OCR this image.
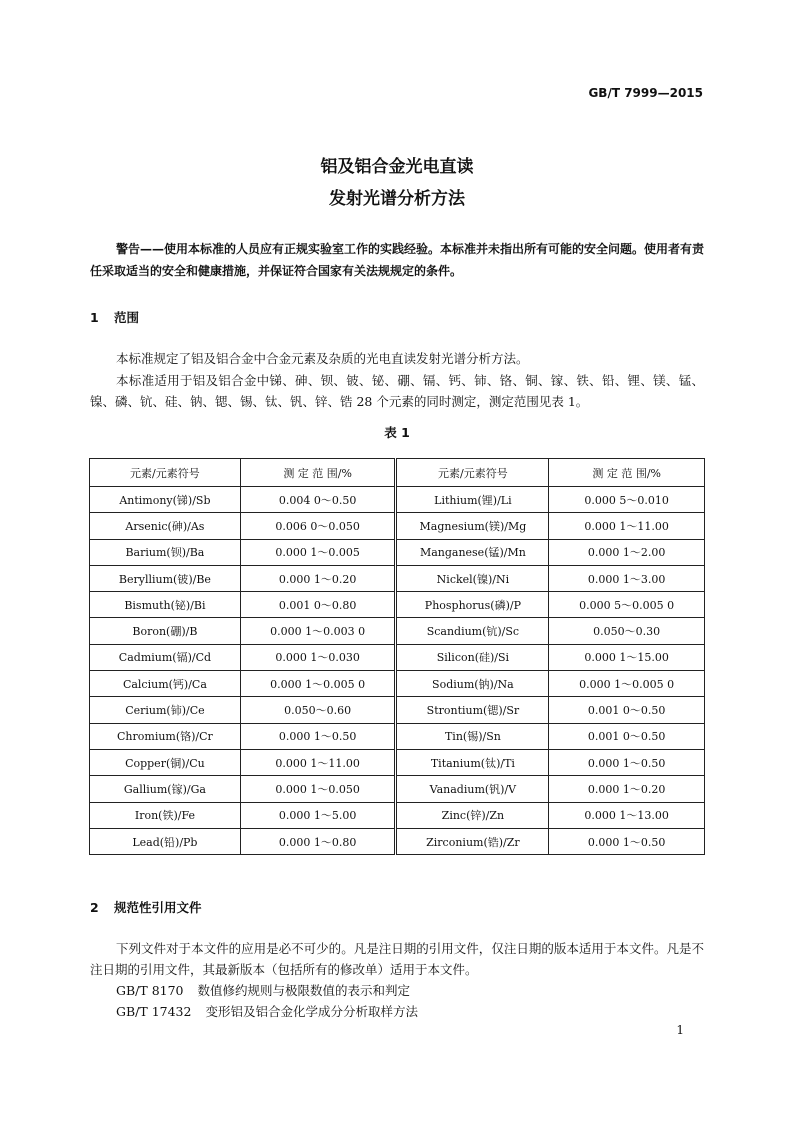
GB/T 7999—2015
铝及铝合金光电直读
发射光谱分析方法
警告——使用本标准的人员应有正规实验室工作的实践经验。本标准并未指出所有可能的安全问题。使用者有责任采取适当的安全和健康措施，并保证符合国家有关法规规定的条件。
1 范围
本标准规定了铝及铝合金中合金元素及杂质的光电直读发射光谱分析方法。
本标准适用于铝及铝合金中锑、砷、钡、铍、铋、硼、镉、钙、铈、铬、铜、镓、铁、铅、锂、镁、锰、镍、磷、钪、硅、钠、锶、锡、钛、钒、锌、锆 28 个元素的同时测定，测定范围见表 1。
表 1
元素/元素符号	测 定 范 围/%	元素/元素符号	测 定 范 围/%
Antimony(锑)/Sb	0.004 0～0.50	Lithium(锂)/Li	0.000 5～0.010
Arsenic(砷)/As	0.006 0～0.050	Magnesium(镁)/Mg	0.000 1～11.00
Barium(钡)/Ba	0.000 1～0.005	Manganese(锰)/Mn	0.000 1～2.00
Beryllium(铍)/Be	0.000 1～0.20	Nickel(镍)/Ni	0.000 1～3.00
Bismuth(铋)/Bi	0.001 0～0.80	Phosphorus(磷)/P	0.000 5～0.005 0
Boron(硼)/B	0.000 1～0.003 0	Scandium(钪)/Sc	0.050～0.30
Cadmium(镉)/Cd	0.000 1～0.030	Silicon(硅)/Si	0.000 1～15.00
Calcium(钙)/Ca	0.000 1～0.005 0	Sodium(钠)/Na	0.000 1～0.005 0
Cerium(铈)/Ce	0.050～0.60	Strontium(锶)/Sr	0.001 0～0.50
Chromium(铬)/Cr	0.000 1～0.50	Tin(锡)/Sn	0.001 0～0.50
Copper(铜)/Cu	0.000 1～11.00	Titanium(钛)/Ti	0.000 1～0.50
Gallium(镓)/Ga	0.000 1～0.050	Vanadium(钒)/V	0.000 1～0.20
Iron(铁)/Fe	0.000 1～5.00	Zinc(锌)/Zn	0.000 1～13.00
Lead(铅)/Pb	0.000 1～0.80	Zirconium(锆)/Zr	0.000 1～0.50
2 规范性引用文件
下列文件对于本文件的应用是必不可少的。凡是注日期的引用文件，仅注日期的版本适用于本文件。凡是不注日期的引用文件，其最新版本（包括所有的修改单）适用于本文件。
GB/T 8170 数值修约规则与极限数值的表示和判定
GB/T 17432 变形铝及铝合金化学成分分析取样方法
1
